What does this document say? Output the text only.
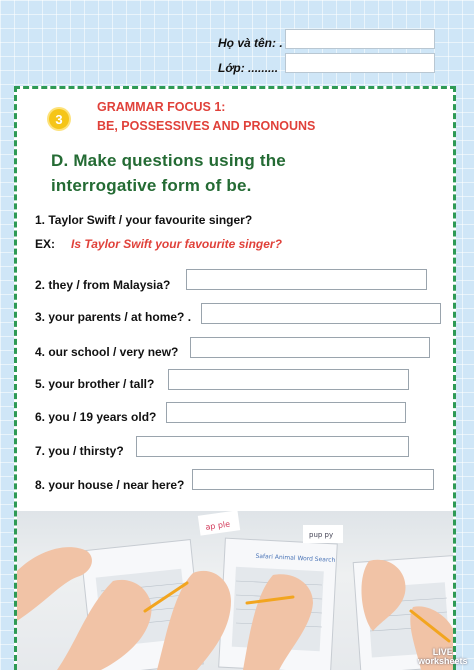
Họ và tên: .
Lớp: .........
3
GRAMMAR FOCUS 1:
BE, POSSESSIVES AND PRONOUNS
D. Make questions using the
interrogative form of be.
1. Taylor Swift / your favourite singer?
EX: Is Taylor Swift your favourite singer?
2. they / from Malaysia?
3. your parents / at home? .
4. our school / very new?
5. your brother / tall?
6. you / 19 years old?
7. you / thirsty?
8. your house / near here?
Safari Animal Word Search
ap ple
pup py
LIVE
worksheets
